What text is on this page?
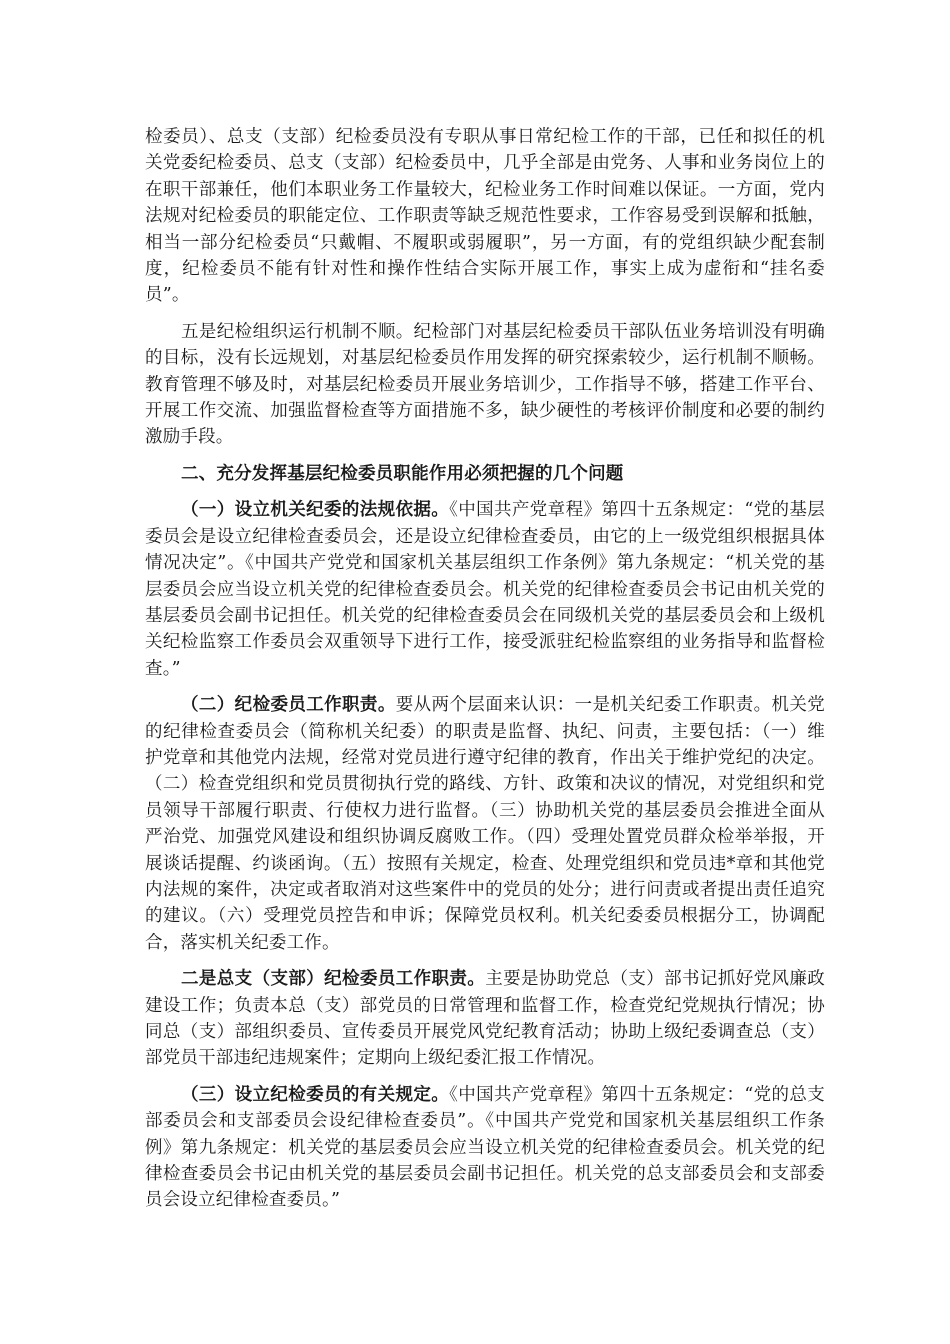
检委员）、总支（支部）纪检委员没有专职从事日常纪检工作的干部，已任和拟任的机关党委纪检委员、总支（支部）纪检委员中，几乎全部是由党务、人事和业务岗位上的在职干部兼任，他们本职业务工作量较大，纪检业务工作时间难以保证。一方面，党内法规对纪检委员的职能定位、工作职责等缺乏规范性要求，工作容易受到误解和抵触，相当一部分纪检委员“只戴帽、不履职或弱履职”，另一方面，有的党组织缺少配套制度，纪检委员不能有针对性和操作性结合实际开展工作，事实上成为虚衔和“挂名委员”。

五是纪检组织运行机制不顺。纪检部门对基层纪检委员干部队伍业务培训没有明确的目标，没有长远规划，对基层纪检委员作用发挥的研究探索较少，运行机制不顺畅。教育管理不够及时，对基层纪检委员开展业务培训少，工作指导不够，搭建工作平台、开展工作交流、加强监督检查等方面措施不多，缺少硬性的考核评价制度和必要的制约激励手段。

二、充分发挥基层纪检委员职能作用必须把握的几个问题

（一）设立机关纪委的法规依据。《中国共产党章程》第四十五条规定：“党的基层委员会是设立纪律检查委员会，还是设立纪律检查委员，由它的上一级党组织根据具体情况决定”。《中国共产党党和国家机关基层组织工作条例》第九条规定：“机关党的基层委员会应当设立机关党的纪律检查委员会。机关党的纪律检查委员会书记由机关党的基层委员会副书记担任。机关党的纪律检查委员会在同级机关党的基层委员会和上级机关纪检监察工作委员会双重领导下进行工作，接受派驻纪检监察组的业务指导和监督检查。”

（二）纪检委员工作职责。要从两个层面来认识：一是机关纪委工作职责。机关党的纪律检查委员会（简称机关纪委）的职责是监督、执纪、问责，主要包括：（一）维护党章和其他党内法规，经常对党员进行遵守纪律的教育，作出关于维护党纪的决定。（二）检查党组织和党员贯彻执行党的路线、方针、政策和决议的情况，对党组织和党员领导干部履行职责、行使权力进行监督。（三）协助机关党的基层委员会推进全面从严治党、加强党风建设和组织协调反腐败工作。（四）受理处置党员群众检举举报，开展谈话提醒、约谈函询。（五）按照有关规定，检查、处理党组织和党员违*章和其他党内法规的案件，决定或者取消对这些案件中的党员的处分；进行问责或者提出责任追究的建议。（六）受理党员控告和申诉；保障党员权利。机关纪委委员根据分工，协调配合，落实机关纪委工作。

二是总支（支部）纪检委员工作职责。主要是协助党总（支）部书记抓好党风廉政建设工作；负责本总（支）部党员的日常管理和监督工作，检查党纪党规执行情况；协同总（支）部组织委员、宣传委员开展党风党纪教育活动；协助上级纪委调查总（支）部党员干部违纪违规案件；定期向上级纪委汇报工作情况。

（三）设立纪检委员的有关规定。《中国共产党章程》第四十五条规定：“党的总支部委员会和支部委员会设纪律检查委员”。《中国共产党党和国家机关基层组织工作条例》第九条规定：机关党的基层委员会应当设立机关党的纪律检查委员会。机关党的纪律检查委员会书记由机关党的基层委员会副书记担任。机关党的总支部委员会和支部委员会设立纪律检查委员。”
